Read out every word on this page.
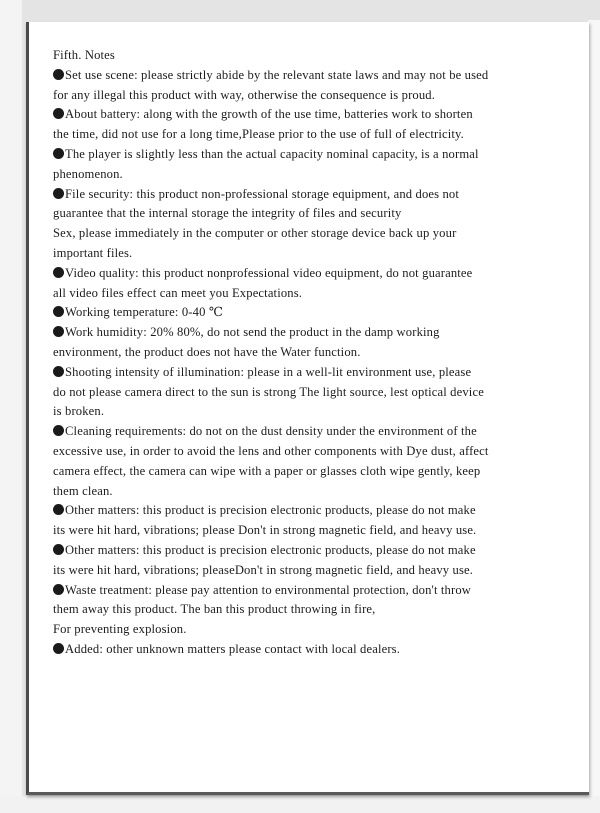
Fifth. Notes
Set use scene: please strictly abide by the relevant state laws and may not be used
for any illegal this product with way, otherwise the consequence is proud.
About battery: along with the growth of the use time, batteries work to shorten
the time, did not use for a long time,Please prior to the use of full of electricity.
The player is slightly less than the actual capacity nominal capacity, is a normal
phenomenon.
File security: this product non-professional storage equipment, and does not
guarantee that the internal storage the integrity of files and security
Sex, please immediately in the computer or other storage device back up your
important files.
Video quality: this product nonprofessional video equipment, do not guarantee
all video files effect can meet you Expectations.
Working temperature: 0-40 ℃
Work humidity: 20% 80%, do not send the product in the damp working
environment, the product does not have the Water function.
Shooting intensity of illumination: please in a well-lit environment use, please
do not please camera direct to the sun is strong The light source, lest optical device
is broken.
Cleaning requirements: do not on the dust density under the environment of the
excessive use, in order to avoid the lens and other components with Dye dust, affect
camera effect, the camera can wipe with a paper or glasses cloth wipe gently, keep
them clean.
Other matters: this product is precision electronic products, please do not make
its were hit hard, vibrations; please Don't in strong magnetic field, and heavy use.
Other matters: this product is precision electronic products, please do not make
its were hit hard, vibrations; pleaseDon't in strong magnetic field, and heavy use.
Waste treatment: please pay attention to environmental protection, don't throw
them away this product. The ban this product throwing in fire,
For preventing explosion.
Added: other unknown matters please contact with local dealers.
